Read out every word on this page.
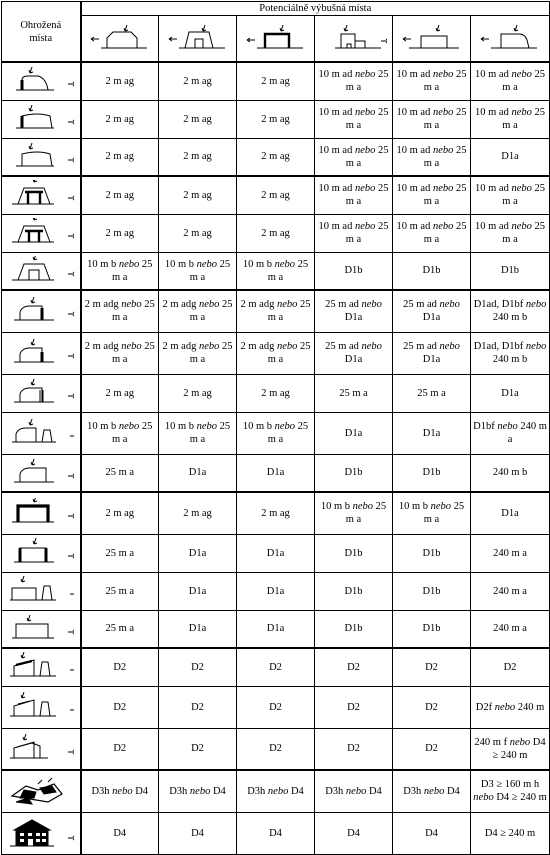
Ohrožená
místa	Potenciálně výbušná místa					

2 m ag	2 m ag	2 m ag	10 m ad nebo 25 m a	10 m ad nebo 25 m a	10 m ad nebo 25 m a

2 m ag	2 m ag	2 m ag	10 m ad nebo 25 m a	10 m ad nebo 25 m a	10 m ad nebo 25 m a

2 m ag	2 m ag	2 m ag	10 m ad nebo 25 m a	10 m ad nebo 25 m a	D1a

2 m ag	2 m ag	2 m ag	10 m ad nebo 25 m a	10 m ad nebo 25 m a	10 m ad nebo 25 m a

2 m ag	2 m ag	2 m ag	10 m ad nebo 25 m a	10 m ad nebo 25 m a	10 m ad nebo 25 m a

10 m b nebo 25 m a	10 m b nebo 25 m a	10 m b nebo 25 m a	D1b	D1b	D1b

2 m adg nebo 25 m a	2 m adg nebo 25 m a	2 m adg nebo 25 m a	25 m ad nebo D1a	25 m ad nebo D1a	D1ad, D1bf nebo 240 m b

2 m adg nebo 25 m a	2 m adg nebo 25 m a	2 m adg nebo 25 m a	25 m ad nebo D1a	25 m ad nebo D1a	D1ad, D1bf nebo 240 m b

2 m ag	2 m ag	2 m ag	25 m a	25 m a	D1a

10 m b nebo 25 m a	10 m b nebo 25 m a	10 m b nebo 25 m a	D1a	D1a	D1bf nebo 240 m a

25 m a	D1a	D1a	D1b	D1b	240 m b

2 m ag	2 m ag	2 m ag	10 m b nebo 25 m a	10 m b nebo 25 m a	D1a

25 m a	D1a	D1a	D1b	D1b	240 m a

25 m a	D1a	D1a	D1b	D1b	240 m a

25 m a	D1a	D1a	D1b	D1b	240 m a

D2	D2	D2	D2	D2	D2

D2	D2	D2	D2	D2	D2f nebo 240 m

D2	D2	D2	D2	D2	240 m f nebo D4 ≥ 240 m

D3h nebo D4	D3h nebo D4	D3h nebo D4	D3h nebo D4	D3h nebo D4	D3 ≥ 160 m h nebo D4 ≥ 240 m

D4	D4	D4	D4	D4	D4 ≥ 240 m
